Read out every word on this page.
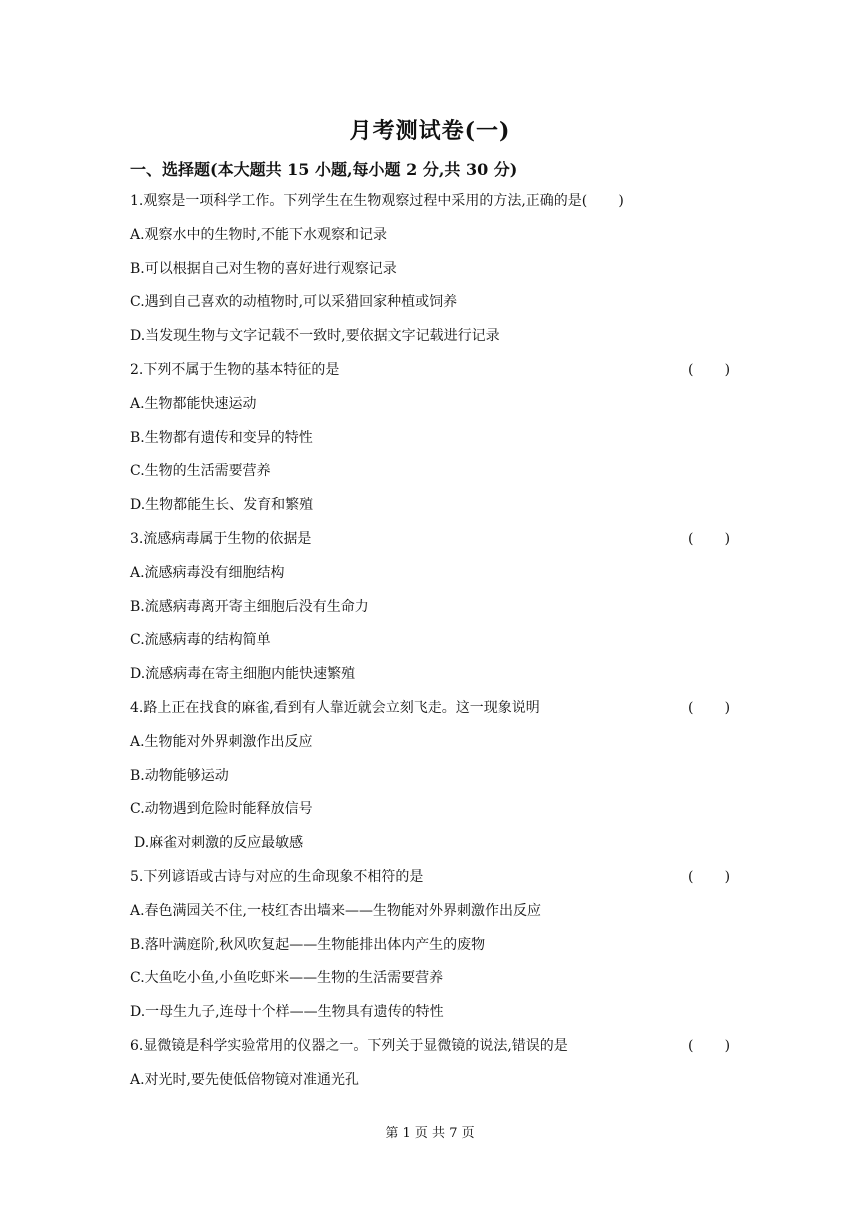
月考测试卷(一)
一、选择题(本大题共 15 小题,每小题 2 分,共 30 分)
1.观察是一项科学工作。下列学生在生物观察过程中采用的方法,正确的是(       )
A.观察水中的生物时,不能下水观察和记录
B.可以根据自己对生物的喜好进行观察记录
C.遇到自己喜欢的动植物时,可以采猎回家种植或饲养
D.当发现生物与文字记载不一致时,要依据文字记载进行记录
2.下列不属于生物的基本特征的是	(       )
A.生物都能快速运动
B.生物都有遗传和变异的特性
C.生物的生活需要营养
D.生物都能生长、发育和繁殖
3.流感病毒属于生物的依据是	(       )
A.流感病毒没有细胞结构
B.流感病毒离开寄主细胞后没有生命力
C.流感病毒的结构简单
D.流感病毒在寄主细胞内能快速繁殖
4.路上正在找食的麻雀,看到有人靠近就会立刻飞走。这一现象说明	(       )
A.生物能对外界刺激作出反应
B.动物能够运动
C.动物遇到危险时能释放信号
D.麻雀对刺激的反应最敏感
5.下列谚语或古诗与对应的生命现象不相符的是	(       )
A.春色满园关不住,一枝红杏出墙来——生物能对外界刺激作出反应
B.落叶满庭阶,秋风吹复起——生物能排出体内产生的废物
C.大鱼吃小鱼,小鱼吃虾米——生物的生活需要营养
D.一母生九子,连母十个样——生物具有遗传的特性
6.显微镜是科学实验常用的仪器之一。下列关于显微镜的说法,错误的是	(       )
A.对光时,要先使低倍物镜对准通光孔
第 1 页 共 7 页
